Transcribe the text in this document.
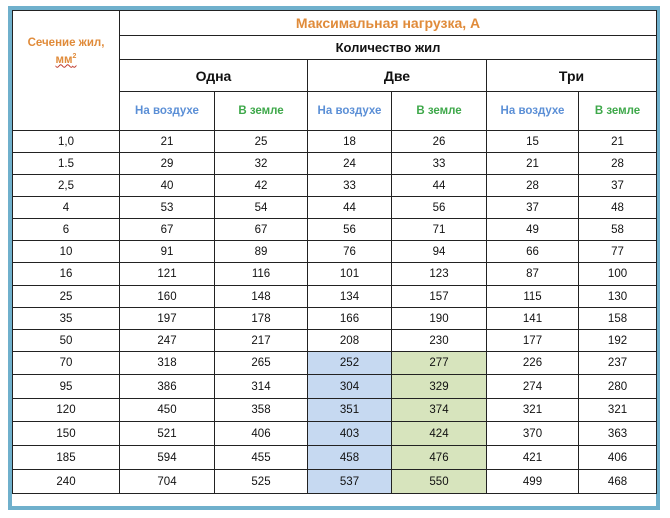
Сечение жил,
$мм^2$	Максимальная нагрузка, А					
	Количество жил					
	Одна		Две		Три	
	На воздухе	В земле	На воздухе	В земле	На воздухе	В земле
1,0	21	25	18	26	15	21
1.5	29	32	24	33	21	28
2,5	40	42	33	44	28	37
4	53	54	44	56	37	48
6	67	67	56	71	49	58
10	91	89	76	94	66	77
16	121	116	101	123	87	100
25	160	148	134	157	115	130
35	197	178	166	190	141	158
50	247	217	208	230	177	192
70	318	265	252	277	226	237
95	386	314	304	329	274	280
120	450	358	351	374	321	321
150	521	406	403	424	370	363
185	594	455	458	476	421	406
240	704	525	537	550	499	468
